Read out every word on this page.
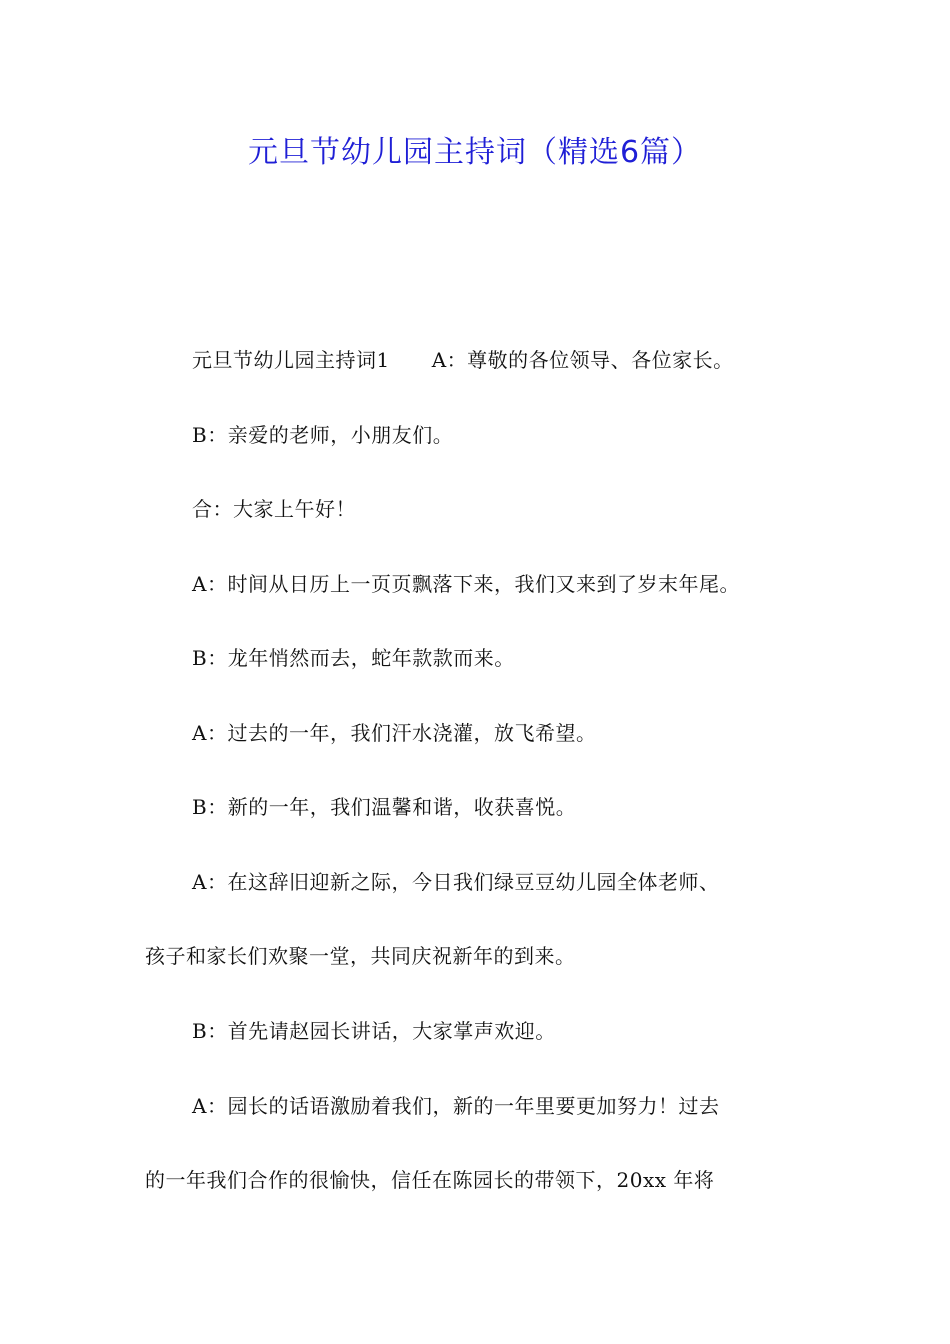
元旦节幼儿园主持词（精选6篇）
元旦节幼儿园主持词1 A：尊敬的各位领导、各位家长。
B：亲爱的老师，小朋友们。
合：大家上午好！
A：时间从日历上一页页飘落下来，我们又来到了岁末年尾。
B：龙年悄然而去，蛇年款款而来。
A：过去的一年，我们汗水浇灌，放飞希望。
B：新的一年，我们温馨和谐，收获喜悦。
A：在这辞旧迎新之际，今日我们绿豆豆幼儿园全体老师、
孩子和家长们欢聚一堂，共同庆祝新年的到来。
B：首先请赵园长讲话，大家掌声欢迎。
A：园长的话语激励着我们，新的一年里要更加努力！过去
的一年我们合作的很愉快，信任在陈园长的带领下，20xx 年将
